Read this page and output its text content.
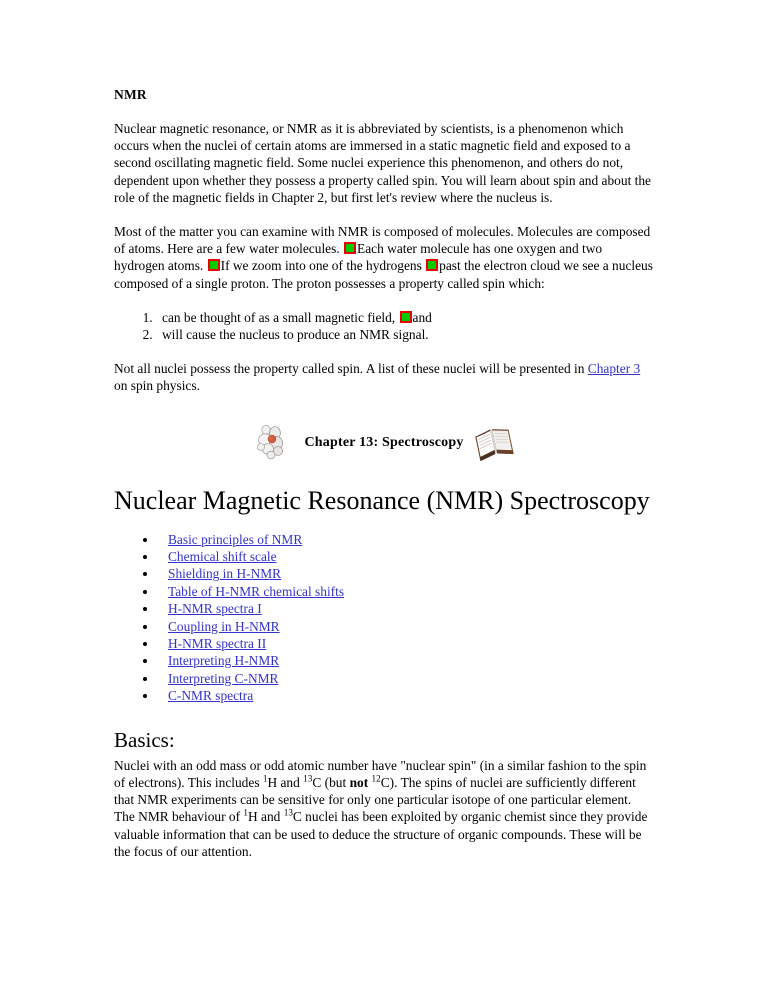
NMR

Nuclear magnetic resonance, or NMR as it is abbreviated by scientists, is a phenomenon which occurs when the nuclei of certain atoms are immersed in a static magnetic field and exposed to a second oscillating magnetic field. Some nuclei experience this phenomenon, and others do not, dependent upon whether they possess a property called spin. You will learn about spin and about the role of the magnetic fields in Chapter 2, but first let's review where the nucleus is.

Most of the matter you can examine with NMR is composed of molecules. Molecules are composed of atoms. Here are a few water molecules. Each water molecule has one oxygen and two hydrogen atoms. If we zoom into one of the hydrogens past the electron cloud we see a nucleus composed of a single proton. The proton possesses a property called spin which:

1. can be thought of as a small magnetic field, and
2. will cause the nucleus to produce an NMR signal.

Not all nuclei possess the property called spin. A list of these nuclei will be presented in Chapter 3 on spin physics.

Chapter 13: Spectroscopy
Nuclear Magnetic Resonance (NMR) Spectroscopy
• Basic principles of NMR
• Chemical shift scale
• Shielding in H-NMR
• Table of H-NMR chemical shifts
• H-NMR spectra I
• Coupling in H-NMR
• H-NMR spectra II
• Interpreting H-NMR
• Interpreting C-NMR
• C-NMR spectra
Basics:

Nuclei with an odd mass or odd atomic number have "nuclear spin" (in a similar fashion to the spin of electrons). This includes $^1$H and $^{13}$C (but not $^{12}$C). The spins of nuclei are sufficiently different that NMR experiments can be sensitive for only one particular isotope of one particular element. The NMR behaviour of $^1$H and $^{13}$C nuclei has been exploited by organic chemist since they provide valuable information that can be used to deduce the structure of organic compounds. These will be the focus of our attention.
